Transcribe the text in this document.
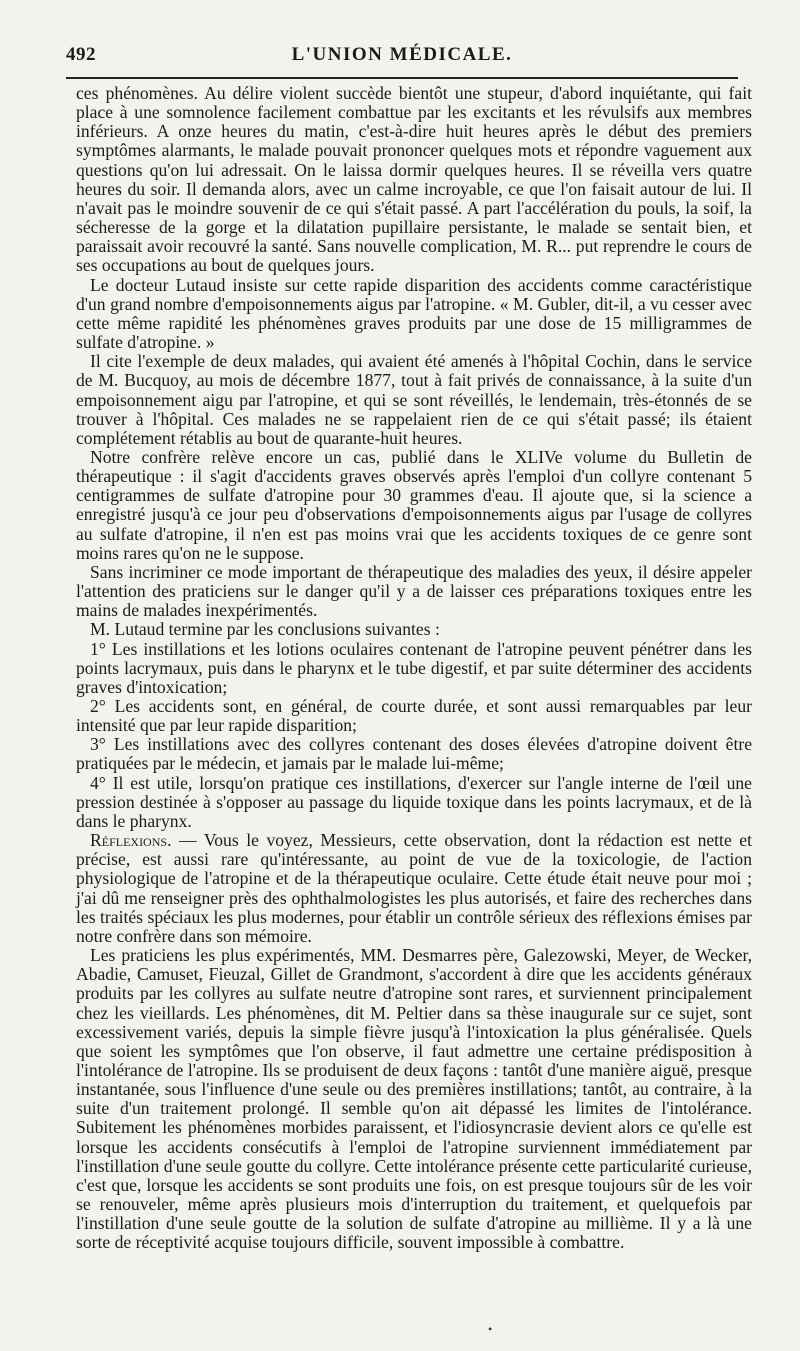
492	L'UNION MÉDICALE.

ces phénomènes. Au délire violent succède bientôt une stupeur, d'abord inquiétante, qui fait place à une somnolence facilement combattue par les excitants et les révulsifs aux membres inférieurs. A onze heures du matin, c'est-à-dire huit heures après le début des premiers symptômes alarmants, le malade pouvait prononcer quelques mots et répondre vaguement aux questions qu'on lui adressait. On le laissa dormir quelques heures. Il se réveilla vers quatre heures du soir. Il demanda alors, avec un calme incroyable, ce que l'on faisait autour de lui. Il n'avait pas le moindre souvenir de ce qui s'était passé. A part l'accélération du pouls, la soif, la sécheresse de la gorge et la dilatation pupillaire persistante, le malade se sentait bien, et paraissait avoir recouvré la santé. Sans nouvelle complication, M. R... put reprendre le cours de ses occupations au bout de quelques jours.

Le docteur Lutaud insiste sur cette rapide disparition des accidents comme caractéristique d'un grand nombre d'empoisonnements aigus par l'atropine. « M. Gubler, dit-il, a vu cesser avec cette même rapidité les phénomènes graves produits par une dose de 15 milligrammes de sulfate d'atropine. »

Il cite l'exemple de deux malades, qui avaient été amenés à l'hôpital Cochin, dans le service de M. Bucquoy, au mois de décembre 1877, tout à fait privés de connaissance, à la suite d'un empoisonnement aigu par l'atropine, et qui se sont réveillés, le lendemain, très-étonnés de se trouver à l'hôpital. Ces malades ne se rappelaient rien de ce qui s'était passé; ils étaient complétement rétablis au bout de quarante-huit heures.

Notre confrère relève encore un cas, publié dans le XLIVe volume du Bulletin de thérapeutique : il s'agit d'accidents graves observés après l'emploi d'un collyre contenant 5 centigrammes de sulfate d'atropine pour 30 grammes d'eau. Il ajoute que, si la science a enregistré jusqu'à ce jour peu d'observations d'empoisonnements aigus par l'usage de collyres au sulfate d'atropine, il n'en est pas moins vrai que les accidents toxiques de ce genre sont moins rares qu'on ne le suppose.

Sans incriminer ce mode important de thérapeutique des maladies des yeux, il désire appeler l'attention des praticiens sur le danger qu'il y a de laisser ces préparations toxiques entre les mains de malades inexpérimentés.

M. Lutaud termine par les conclusions suivantes :

1° Les instillations et les lotions oculaires contenant de l'atropine peuvent pénétrer dans les points lacrymaux, puis dans le pharynx et le tube digestif, et par suite déterminer des accidents graves d'intoxication;

2° Les accidents sont, en général, de courte durée, et sont aussi remarquables par leur intensité que par leur rapide disparition;

3° Les instillations avec des collyres contenant des doses élevées d'atropine doivent être pratiquées par le médecin, et jamais par le malade lui-même;

4° Il est utile, lorsqu'on pratique ces instillations, d'exercer sur l'angle interne de l'œil une pression destinée à s'opposer au passage du liquide toxique dans les points lacrymaux, et de là dans le pharynx.

Réflexions. — Vous le voyez, Messieurs, cette observation, dont la rédaction est nette et précise, est aussi rare qu'intéressante, au point de vue de la toxicologie, de l'action physiologique de l'atropine et de la thérapeutique oculaire. Cette étude était neuve pour moi ; j'ai dû me renseigner près des ophthalmologistes les plus autorisés, et faire des recherches dans les traités spéciaux les plus modernes, pour établir un contrôle sérieux des réflexions émises par notre confrère dans son mémoire.

Les praticiens les plus expérimentés, MM. Desmarres père, Galezowski, Meyer, de Wecker, Abadie, Camuset, Fieuzal, Gillet de Grandmont, s'accordent à dire que les accidents généraux produits par les collyres au sulfate neutre d'atropine sont rares, et surviennent principalement chez les vieillards. Les phénomènes, dit M. Peltier dans sa thèse inaugurale sur ce sujet, sont excessivement variés, depuis la simple fièvre jusqu'à l'intoxication la plus généralisée. Quels que soient les symptômes que l'on observe, il faut admettre une certaine prédisposition à l'intolérance de l'atropine. Ils se produisent de deux façons : tantôt d'une manière aiguë, presque instantanée, sous l'influence d'une seule ou des premières instillations; tantôt, au contraire, à la suite d'un traitement prolongé. Il semble qu'on ait dépassé les limites de l'intolérance. Subitement les phénomènes morbides paraissent, et l'idiosyncrasie devient alors ce qu'elle est lorsque les accidents consécutifs à l'emploi de l'atropine surviennent immédiatement par l'instillation d'une seule goutte du collyre. Cette intolérance présente cette particularité curieuse, c'est que, lorsque les accidents se sont produits une fois, on est presque toujours sûr de les voir se renouveler, même après plusieurs mois d'interruption du traitement, et quelquefois par l'instillation d'une seule goutte de la solution de sulfate d'atropine au millième. Il y a là une sorte de réceptivité acquise toujours difficile, souvent impossible à combattre.

•
